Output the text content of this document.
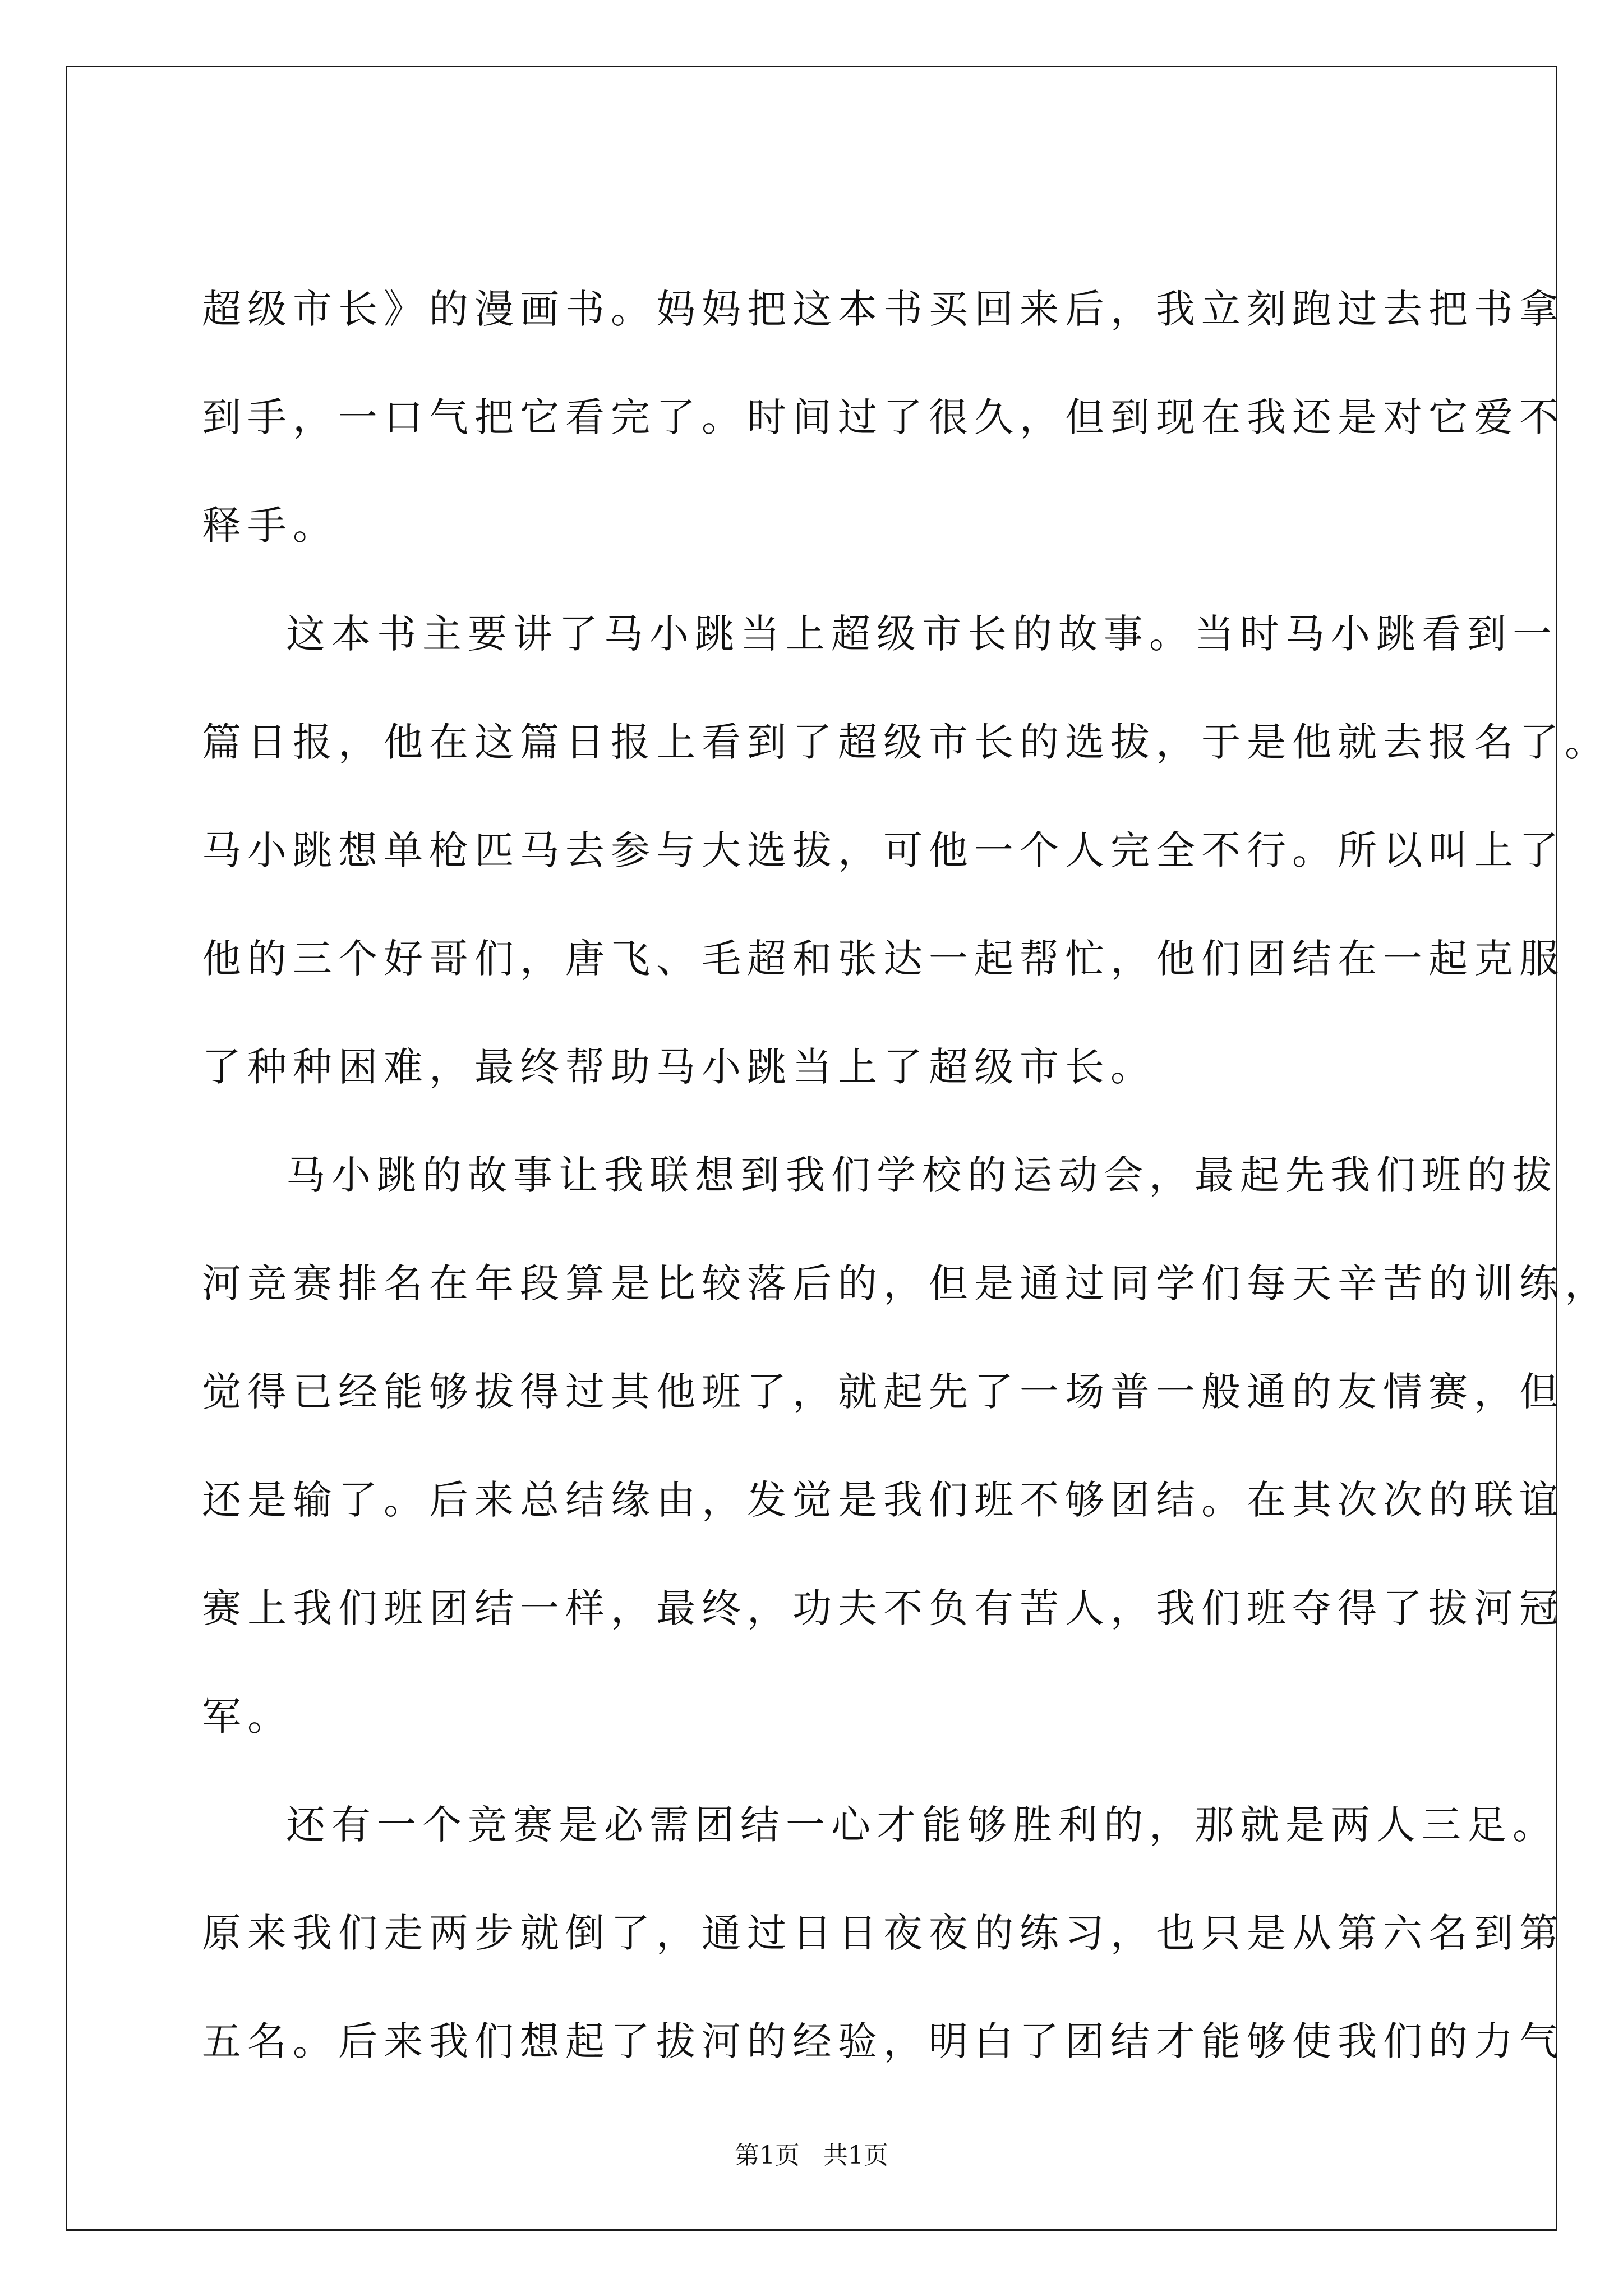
超级市长》的漫画书。妈妈把这本书买回来后，我立刻跑过去把书拿
到手，一口气把它看完了。时间过了很久，但到现在我还是对它爱不
释手。
这本书主要讲了马小跳当上超级市长的故事。当时马小跳看到一
篇日报，他在这篇日报上看到了超级市长的选拔，于是他就去报名了。
马小跳想单枪匹马去参与大选拔，可他一个人完全不行。所以叫上了
他的三个好哥们，唐飞、毛超和张达一起帮忙，他们团结在一起克服
了种种困难，最终帮助马小跳当上了超级市长。
马小跳的故事让我联想到我们学校的运动会，最起先我们班的拔
河竞赛排名在年段算是比较落后的，但是通过同学们每天辛苦的训练，
觉得已经能够拔得过其他班了，就起先了一场普一般通的友情赛，但
还是输了。后来总结缘由，发觉是我们班不够团结。在其次次的联谊
赛上我们班团结一样，最终，功夫不负有苦人，我们班夺得了拔河冠
军。
还有一个竞赛是必需团结一心才能够胜利的，那就是两人三足。
原来我们走两步就倒了，通过日日夜夜的练习，也只是从第六名到第
五名。后来我们想起了拔河的经验，明白了团结才能够使我们的力气
第1页   共1页
